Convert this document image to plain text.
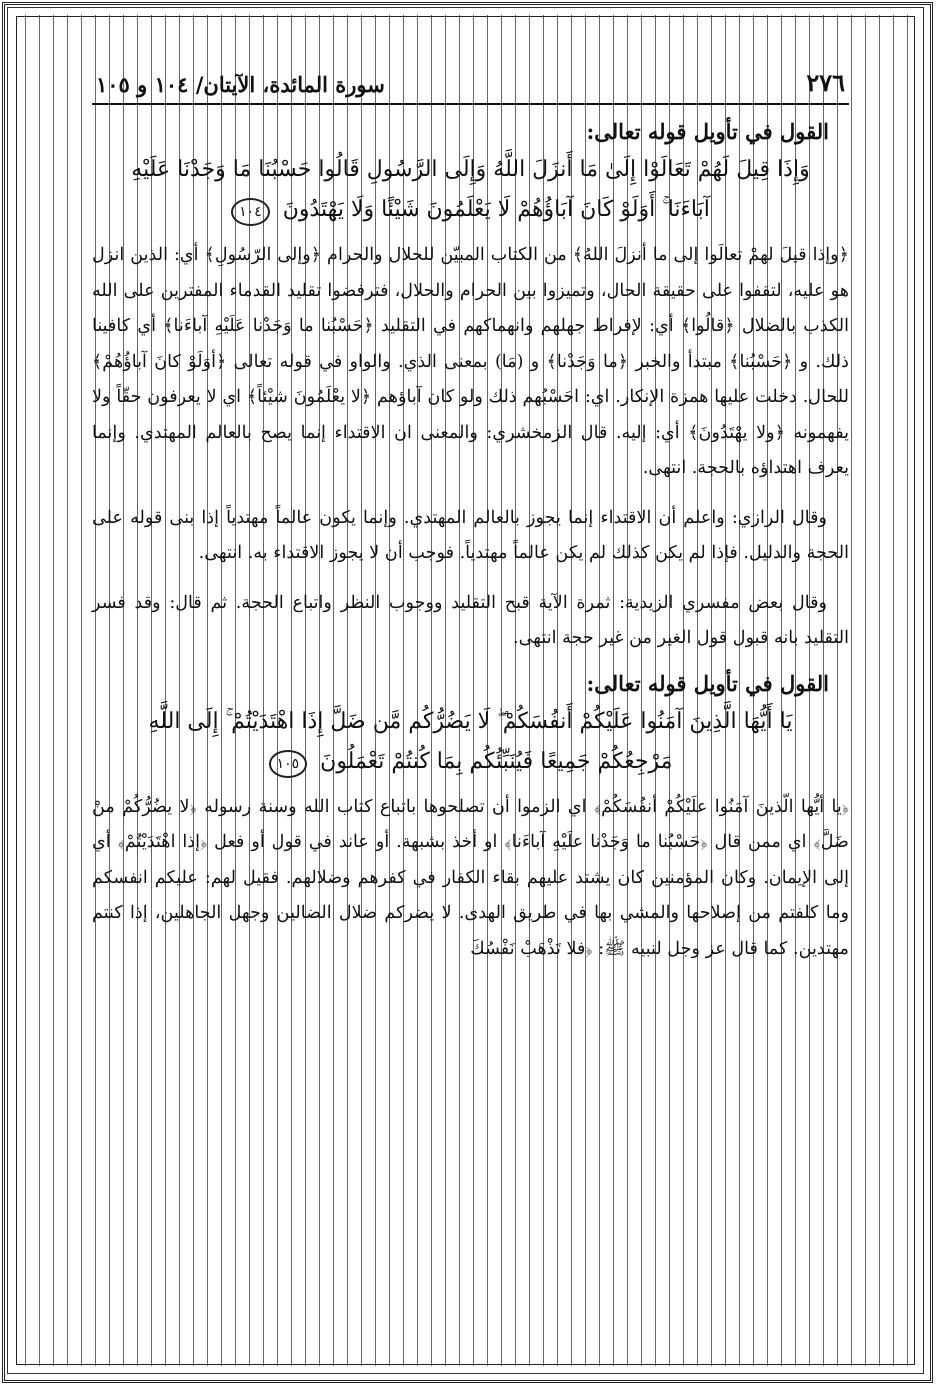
٢٧٦
سورة المائدة، الآيتان/ ١٠٤ و ١٠٥
القول في تأويل قوله تعالى:
وَإِذَا قِيلَ لَهُمْ تَعَالَوْا إِلَىٰ مَا أَنزَلَ اللَّهُ وَإِلَى الرَّسُولِ قَالُوا حَسْبُنَا مَا وَجَدْنَا عَلَيْهِ
آبَاءَنَا ۚ أَوَلَوْ كَانَ آبَاؤُهُمْ لَا يَعْلَمُونَ شَيْئًا وَلَا يَهْتَدُونَ ١٠٤

﴿وإذا قيلَ لهمْ تعالَوا إلى ما أنزلَ اللهُ﴾ من الكتاب المبيّن للحلال والحرام ﴿وإلى الرّسُولِ﴾ أي: الذين انزل هو عليه، لتقفوا على حقيقة الحال، وتميزوا بين الحرام والحلال، فترفضوا تقليد القدماء المفترين على الله الكذب بالضلال ﴿قالُوا﴾ أي: لإفراط جهلهم وانهماكهم في التقليد ﴿حَسْبُنا ما وَجَدْنا عَلَيْهِ آباءَنا﴾ أي كافينا ذلك. و ﴿حَسْبُنا﴾ مبتدأ والخبر ﴿ما وَجَدْنا﴾ و (مَا) بمعنى الذي. والواو في قوله تعالى ﴿أوَلَوْ كانَ آباؤُهُمْ﴾ للحال. دخلت عليها همزة الإنكار. اي: احَسْبُهم ذلك ولو كان آباؤهم ﴿لا يعْلَمُونَ شيْئاً﴾ اي لا يعرفون حقّاً ولا يفهمونه ﴿ولا يهْتَدُونَ﴾ أي: إليه. قال الزمخشري: والمعنى ان الاقتداء إنما يصح بالعالم المهتدي. وإنما يعرف اهتداؤه بالحجة. انتهى.

وقال الرازي: واعلم أن الاقتداء إنما يجوز بالعالم المهتدي. وإنما يكون عالماً مهتدياً إذا بنى قوله على الحجة والدليل. فإذا لم يكن كذلك لم يكن عالماً مهتدياً. فوجب أن لا يجوز الاقتداء به. انتهى.

وقال بعض مفسري الزيدية: ثمرة الآية قبح التقليد ووجوب النظر واتباع الحجة. ثم قال: وقد فسر التقليد بانه قبول قول الغير من غير حجة انتهى.

القول في تأويل قوله تعالى:
يَا أَيُّهَا الَّذِينَ آمَنُوا عَلَيْكُمْ أَنفُسَكُمْ ۖ لَا يَضُرُّكُم مَّن ضَلَّ إِذَا اهْتَدَيْتُمْ ۚ إِلَى اللَّهِ
مَرْجِعُكُمْ جَمِيعًا فَيُنَبِّئُكُم بِمَا كُنتُمْ تَعْمَلُونَ ١٠٥

﴿يا أيُّها الّذينَ آمَنُوا علَيْكُمْ أنفُسَكُمْ﴾ اي الزموا أن تصلحوها باتباع كتاب الله وسنة رسوله ﴿لا يضُرُّكُمْ منْ ضَلَّ﴾ اي ممن قال ﴿حَسْبُنا ما وَجَدْنا علَيْهِ آباءَنا﴾ او أخذ بشبهة. أو عاند في قول أو فعل ﴿إذا اهْتَدَيْتُمْ﴾ أي إلى الإيمان. وكان المؤمنين كان يشتد عليهم بقاء الكفار في كفرهم وضلالهم. فقيل لهم: عليكم انفسكم وما كلفتم من إصلاحها والمشي بها في طريق الهدى. لا يضركم ضلال الضالين وجهل الجاهلين، إذا كنتم مهتدين. كما قال عز وجل لنبيه ﷺ: ﴿فلا تَذْهَبْ نَفْسُكَ
